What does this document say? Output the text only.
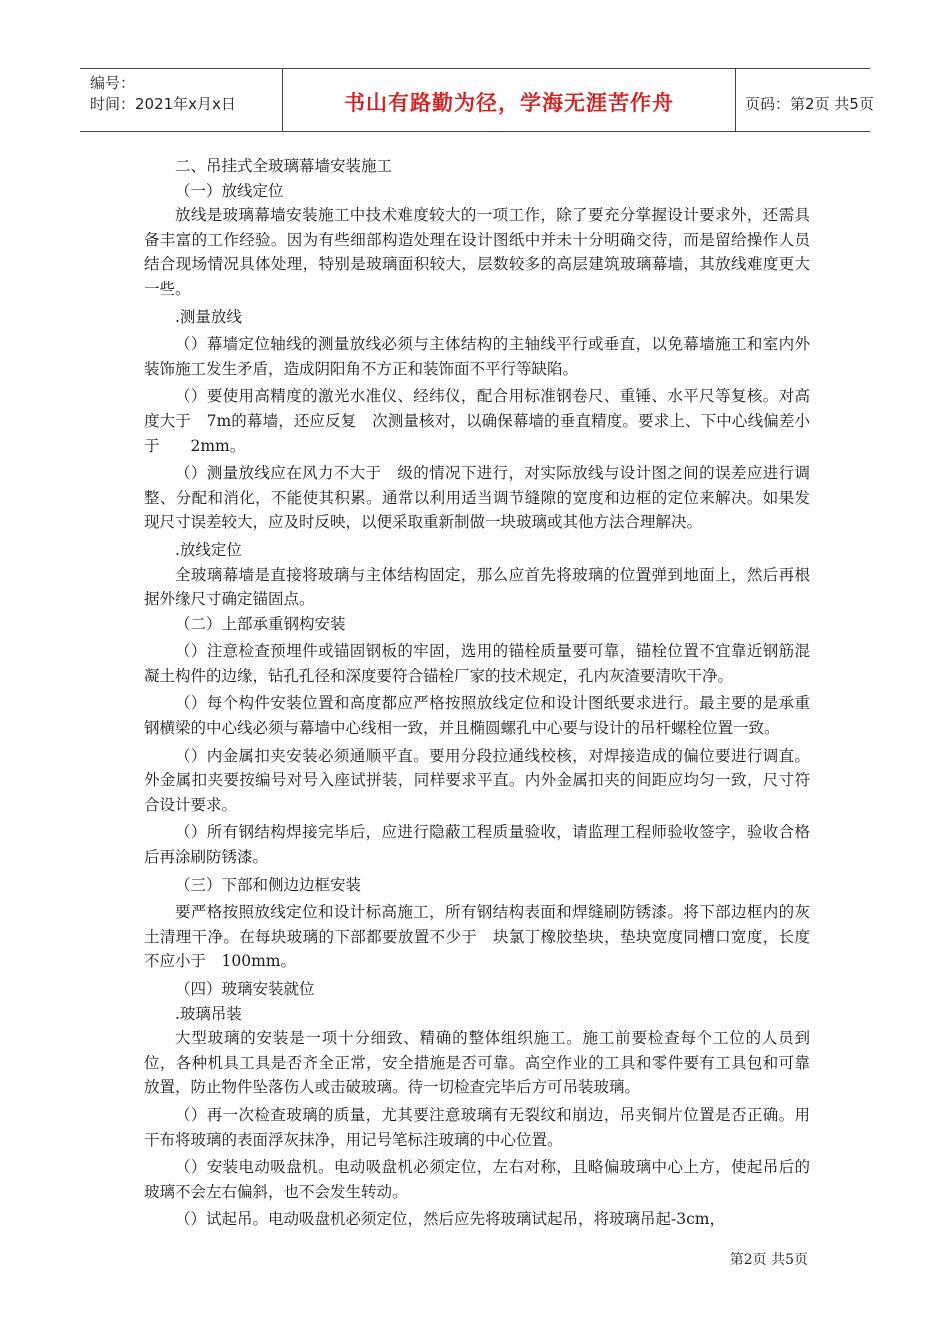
编号：
时间：2021年x月x日	书山有路勤为径，学海无涯苦作舟	页码：第2页 共5页

二、吊挂式全玻璃幕墙安装施工

（一）放线定位

放线是玻璃幕墙安装施工中技术难度较大的一项工作，除了要充分掌握设计要求外，还需具备丰富的工作经验。因为有些细部构造处理在设计图纸中并未十分明确交待，而是留给操作人员结合现场情况具体处理，特别是玻璃面积较大，层数较多的高层建筑玻璃幕墙，其放线难度更大一些。

.测量放线

（）幕墙定位轴线的测量放线必须与主体结构的主轴线平行或垂直，以免幕墙施工和室内外装饰施工发生矛盾，造成阴阳角不方正和装饰面不平行等缺陷。

（）要使用高精度的激光水准仪、经纬仪，配合用标准钢卷尺、重锤、水平尺等复核。对高度大于　7m的幕墙，还应反复　次测量核对，以确保幕墙的垂直精度。要求上、下中心线偏差小于　　2mm。

（）测量放线应在风力不大于　级的情况下进行，对实际放线与设计图之间的误差应进行调整、分配和消化，不能使其积累。通常以利用适当调节缝隙的宽度和边框的定位来解决。如果发现尺寸误差较大，应及时反映，以便采取重新制做一块玻璃或其他方法合理解决。

.放线定位

全玻璃幕墙是直接将玻璃与主体结构固定，那么应首先将玻璃的位置弹到地面上，然后再根据外缘尺寸确定锚固点。

（二）上部承重钢构安装

（）注意检查预埋件或锚固钢板的牢固，选用的锚栓质量要可靠，锚栓位置不宜靠近钢筋混凝土构件的边缘，钻孔孔径和深度要符合锚栓厂家的技术规定，孔内灰渣要清吹干净。

（）每个构件安装位置和高度都应严格按照放线定位和设计图纸要求进行。最主要的是承重钢横梁的中心线必须与幕墙中心线相一致，并且椭圆螺孔中心要与设计的吊杆螺栓位置一致。

（）内金属扣夹安装必须通顺平直。要用分段拉通线校核，对焊接造成的偏位要进行调直。外金属扣夹要按编号对号入座试拼装，同样要求平直。内外金属扣夹的间距应均匀一致，尺寸符合设计要求。

（）所有钢结构焊接完毕后，应进行隐蔽工程质量验收，请监理工程师验收签字，验收合格后再涂刷防锈漆。

（三）下部和侧边边框安装

要严格按照放线定位和设计标高施工，所有钢结构表面和焊缝刷防锈漆。将下部边框内的灰土清理干净。在每块玻璃的下部都要放置不少于　块氯丁橡胶垫块，垫块宽度同槽口宽度，长度不应小于　100mm。

（四）玻璃安装就位

.玻璃吊装

大型玻璃的安装是一项十分细致、精确的整体组织施工。施工前要检查每个工位的人员到位，各种机具工具是否齐全正常，安全措施是否可靠。高空作业的工具和零件要有工具包和可靠放置，防止物件坠落伤人或击破玻璃。待一切检查完毕后方可吊装玻璃。

（）再一次检查玻璃的质量，尤其要注意玻璃有无裂纹和崩边，吊夹铜片位置是否正确。用干布将玻璃的表面浮灰抹净，用记号笔标注玻璃的中心位置。

（）安装电动吸盘机。电动吸盘机必须定位，左右对称，且略偏玻璃中心上方，使起吊后的玻璃不会左右偏斜，也不会发生转动。

（）试起吊。电动吸盘机必须定位，然后应先将玻璃试起吊，将玻璃吊起-3cm，

第2页 共5页
